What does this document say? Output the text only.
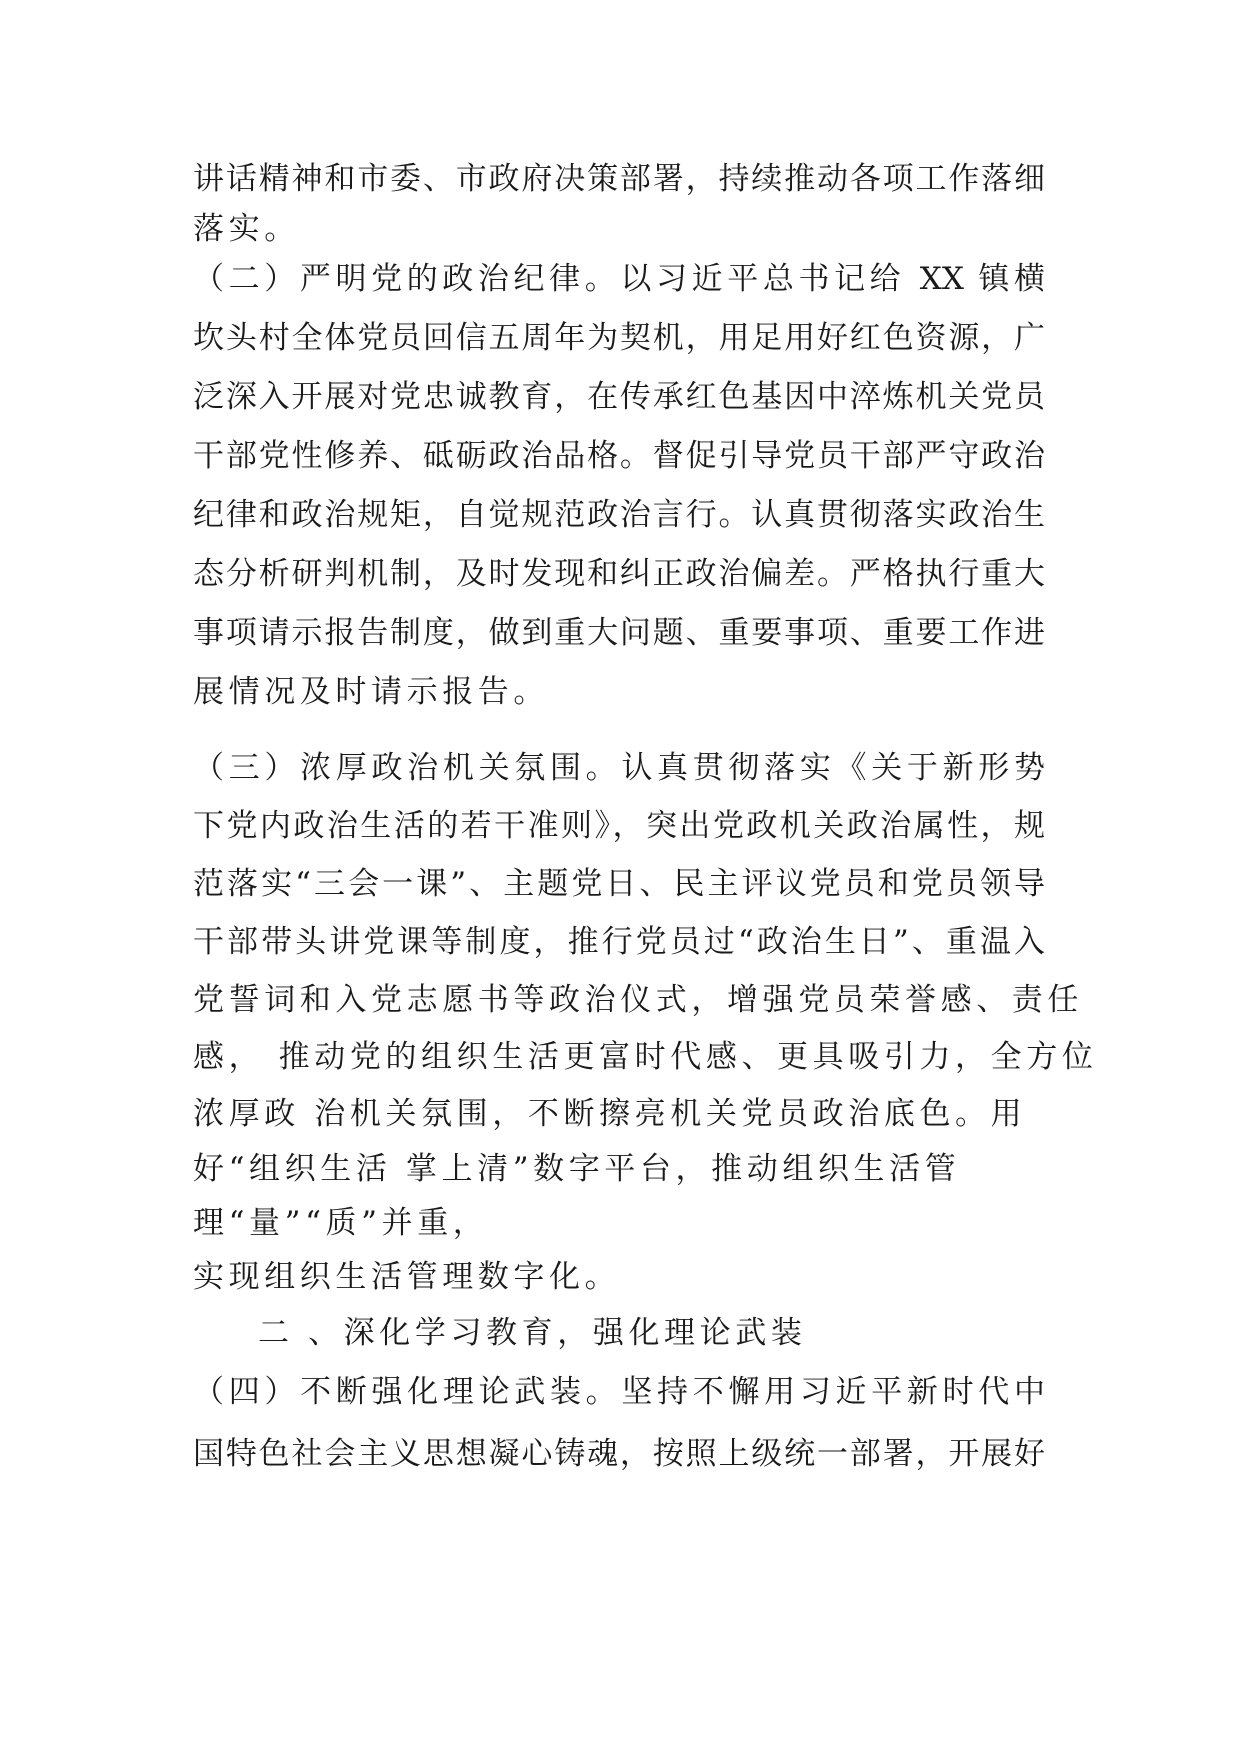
讲话精神和市委、市政府决策部署，持续推动各项工作落细
落实。
（二）严明党的政治纪律。以习近平总书记给 XX 镇横
坎头村全体党员回信五周年为契机，用足用好红色资源，广
泛深入开展对党忠诚教育，在传承红色基因中淬炼机关党员
干部党性修养、砥砺政治品格。督促引导党员干部严守政治
纪律和政治规矩，自觉规范政治言行。认真贯彻落实政治生
态分析研判机制，及时发现和纠正政治偏差。严格执行重大
事项请示报告制度，做到重大问题、重要事项、重要工作进
展情况及时请示报告。
（三）浓厚政治机关氛围。认真贯彻落实《关于新形势
下党内政治生活的若干准则》，突出党政机关政治属性，规
范落实“三会一课”、主题党日、民主评议党员和党员领导
干部带头讲党课等制度，推行党员过“政治生日”、重温入
党誓词和入党志愿书等政治仪式，增强党员荣誉感、责任
感， 推动党的组织生活更富时代感、更具吸引力，全方位
浓厚政 治机关氛围，不断擦亮机关党员政治底色。用
好“组织生活 掌上清”数字平台，推动组织生活管
理“量”“质”并重，
实现组织生活管理数字化。
二 、深化学习教育，强化理论武装
（四）不断强化理论武装。坚持不懈用习近平新时代中
国特色社会主义思想凝心铸魂，按照上级统一部署，开展好
